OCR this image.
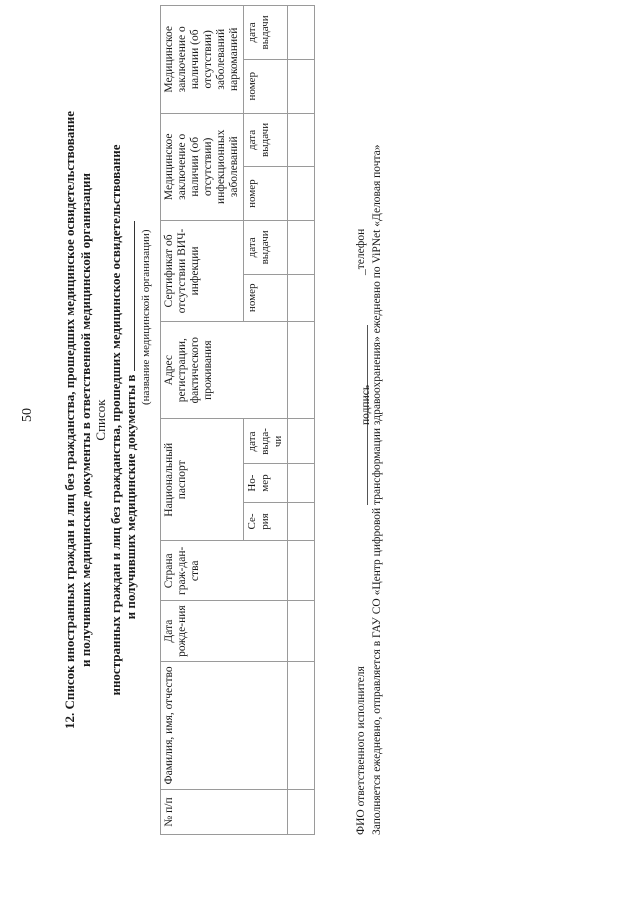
50 12. Список иностранных граждан и лиц без гражданства, прошедших медицинское освидетельствование и получивших медицинские документы в ответственной медицинской организации Список иностранных граждан и лиц без гражданства, прошедших медицинское освидетельствование и получивших медицинские документы в
(название медицинской организации)
№ п/п	Фамилия, имя, отчество	Дата рожде-ния	Страна граж-дан-ства	Национальный паспорт			Адрес регистрации, фактического проживания	Сертификат об отсутствии ВИЧ-инфекции		Медицинское заключение о наличии (об отсутствии) инфекционных заболеваний		Медицинское заключение о наличии (об отсутствии) заболеваний наркоманией	
				Се-рия	Но-мер	дата выда-чи		номер	дата выдачи	номер	дата выдачи	номер	дата выдачи

ФИО ответственного исполнителя
подпись
_телефон Заполняется ежедневно, отправляется в ГАУ СО «Центр цифровой трансформации здравоохранения» ежедневно по ViPNet «Деловая почта»
